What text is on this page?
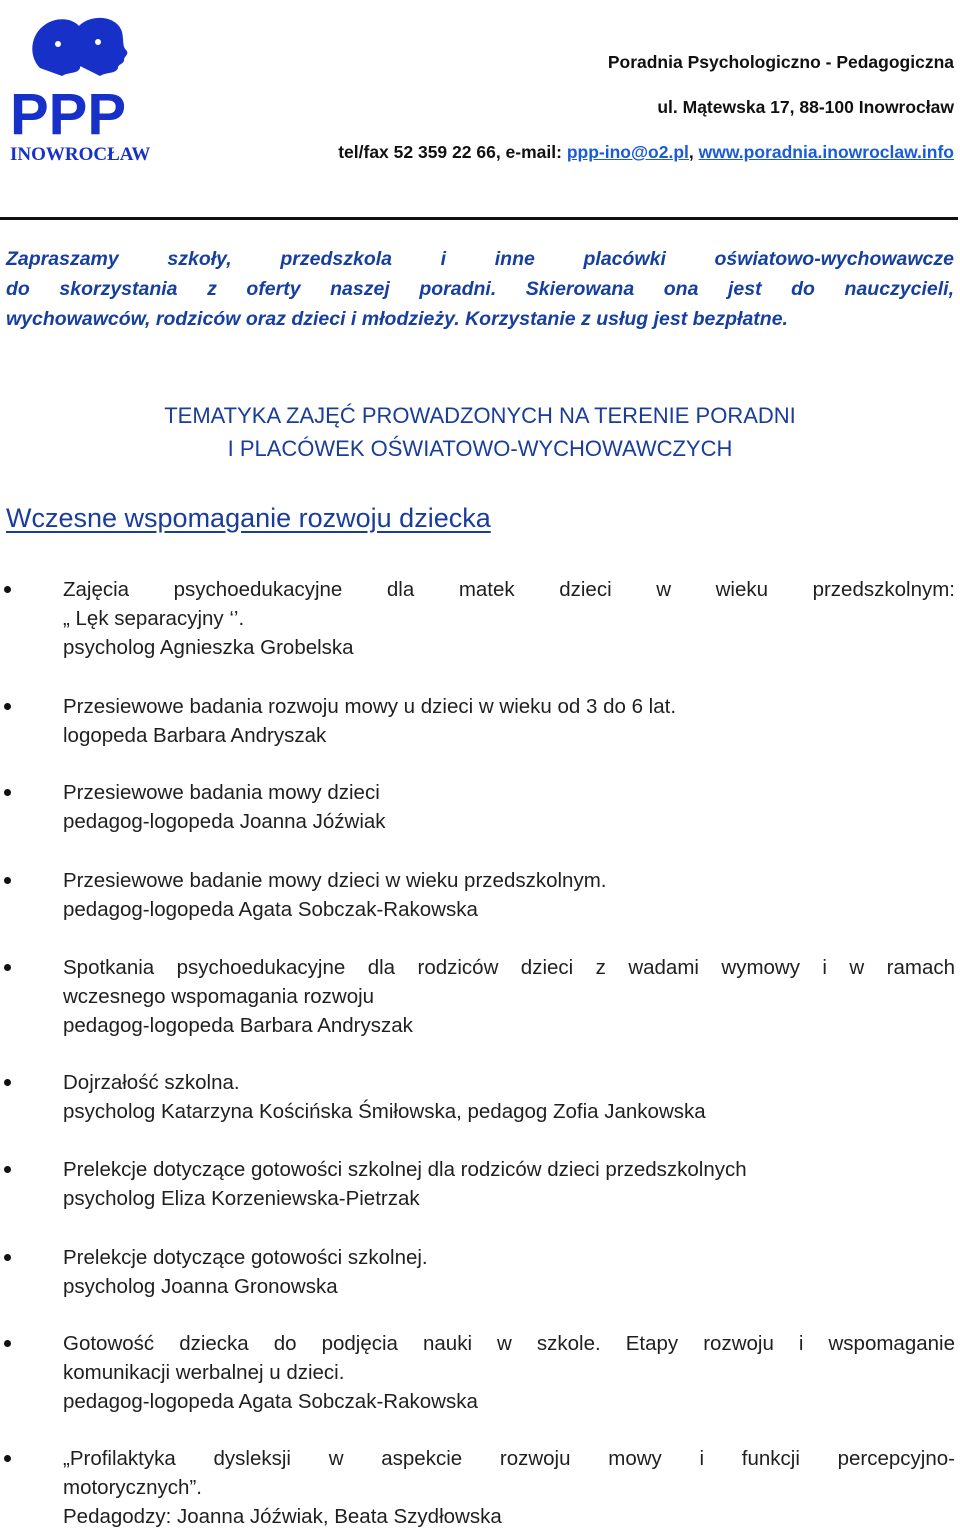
PPP
INOWROCŁAW
Poradnia Psychologiczno - Pedagogiczna
ul. Mątewska 17, 88-100 Inowrocław
tel/fax 52 359 22 66, e-mail: ppp-ino@o2.pl, www.poradnia.inowroclaw.info
Zapraszamy szkoły, przedszkola i inne placówki oświatowo-wychowawcze
do skorzystania z oferty naszej poradni. Skierowana ona jest do nauczycieli,
wychowawców, rodziców oraz dzieci i młodzieży. Korzystanie z usług jest bezpłatne.
TEMATYKA ZAJĘĆ PROWADZONYCH NA TERENIE PORADNI
I PLACÓWEK OŚWIATOWO-WYCHOWAWCZYCH
Wczesne wspomaganie rozwoju dziecka
Zajęcia psychoedukacyjne dla matek dzieci w wieku przedszkolnym:
„ Lęk separacyjny ‘’.
psycholog Agnieszka Grobelska
Przesiewowe badania rozwoju mowy u dzieci w wieku od 3 do 6 lat.
logopeda Barbara Andryszak
Przesiewowe badania mowy dzieci
pedagog-logopeda Joanna Jóźwiak
Przesiewowe badanie mowy dzieci w wieku przedszkolnym.
pedagog-logopeda Agata Sobczak-Rakowska
Spotkania psychoedukacyjne dla rodziców dzieci z wadami wymowy i w ramach
wczesnego wspomagania rozwoju
pedagog-logopeda Barbara Andryszak
Dojrzałość szkolna.
psycholog Katarzyna Kościńska Śmiłowska, pedagog Zofia Jankowska
Prelekcje dotyczące gotowości szkolnej dla rodziców dzieci przedszkolnych
psycholog Eliza Korzeniewska-Pietrzak
Prelekcje dotyczące gotowości szkolnej.
psycholog Joanna Gronowska
Gotowość dziecka do podjęcia nauki w szkole. Etapy rozwoju i wspomaganie
komunikacji werbalnej u dzieci.
pedagog-logopeda Agata Sobczak-Rakowska
„Profilaktyka dysleksji w aspekcie rozwoju mowy i funkcji percepcyjno-
motorycznych”.
Pedagodzy: Joanna Jóźwiak, Beata Szydłowska
